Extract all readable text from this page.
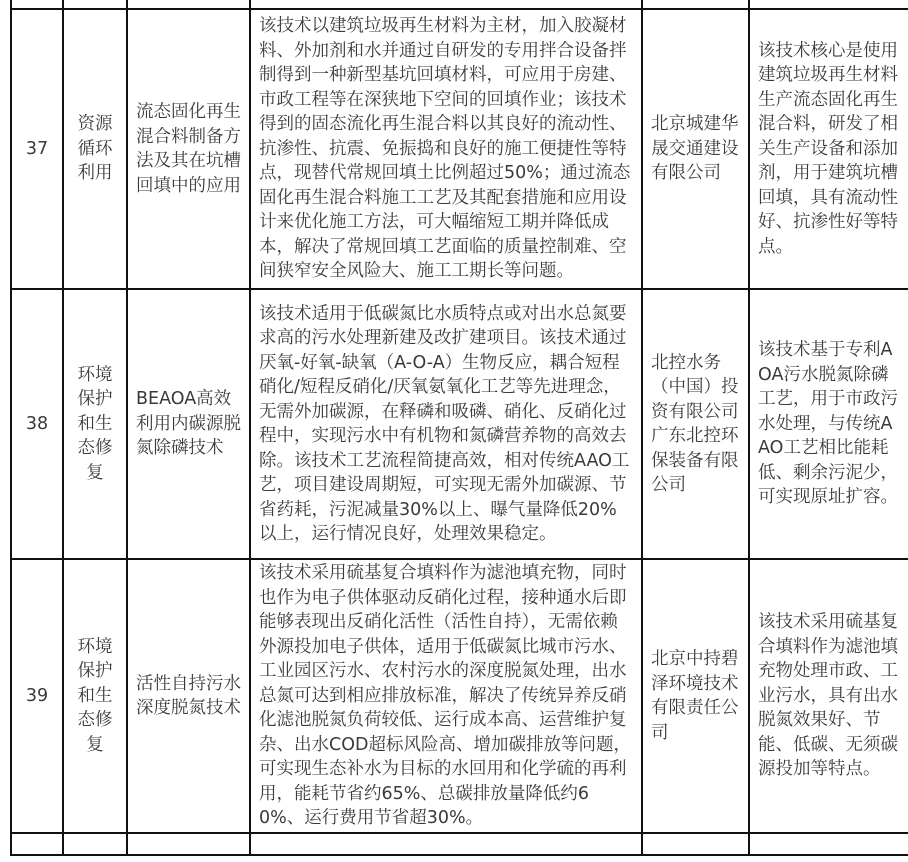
37	资源循环利用	流态固化再生混合料制备方法及其在坑槽回填中的应用	该技术以建筑垃圾再生材料为主材，加入胶凝材料、外加剂和水并通过自研发的专用拌合设备拌制得到一种新型基坑回填材料，可应用于房建、市政工程等在深狭地下空间的回填作业；该技术得到的固态流化再生混合料以其良好的流动性、抗渗性、抗震、免振捣和良好的施工便捷性等特点，现替代常规回填土比例超过50%；通过流态固化再生混合料施工工艺及其配套措施和应用设计来优化施工方法，可大幅缩短工期并降低成本，解决了常规回填工艺面临的质量控制难、空间狭窄安全风险大、施工工期长等问题。	北京城建华晟交通建设有限公司	该技术核心是使用建筑垃圾再生材料生产流态固化再生混合料，研发了相关生产设备和添加剂，用于建筑坑槽回填，具有流动性好、抗渗性好等特点。
38	环境保护和生态修复	BEAOA高效利用内碳源脱氮除磷技术	该技术适用于低碳氮比水质特点或对出水总氮要求高的污水处理新建及改扩建项目。该技术通过厌氧-好氧-缺氧（A-O-A）生物反应，耦合短程硝化/短程反硝化/厌氧氨氧化工艺等先进理念，无需外加碳源，在释磷和吸磷、硝化、反硝化过程中，实现污水中有机物和氮磷营养物的高效去除。该技术工艺流程简捷高效，相对传统AAO工艺，项目建设周期短，可实现无需外加碳源、节省药耗，污泥减量30%以上、曝气量降低20%以上，运行情况良好，处理效果稳定。	北控水务（中国）投资有限公司广东北控环保装备有限公司	该技术基于专利AOA污水脱氮除磷工艺，用于市政污水处理，与传统AAO工艺相比能耗低、剩余污泥少，可实现原址扩容。
39	环境保护和生态修复	活性自持污水深度脱氮技术	该技术采用硫基复合填料作为滤池填充物，同时也作为电子供体驱动反硝化过程，接种通水后即能够表现出反硝化活性（活性自持），无需依赖外源投加电子供体，适用于低碳氮比城市污水、工业园区污水、农村污水的深度脱氮处理，出水总氮可达到相应排放标准，解决了传统异养反硝化滤池脱氮负荷较低、运行成本高、运营维护复杂、出水COD超标风险高、增加碳排放等问题，可实现生态补水为目标的水回用和化学硫的再利用，能耗节省约65%、总碳排放量降低约60%、运行费用节省超30%。	北京中持碧泽环境技术有限责任公司	该技术采用硫基复合填料作为滤池填充物处理市政、工业污水，具有出水脱氮效果好、节能、低碳、无须碳源投加等特点。
